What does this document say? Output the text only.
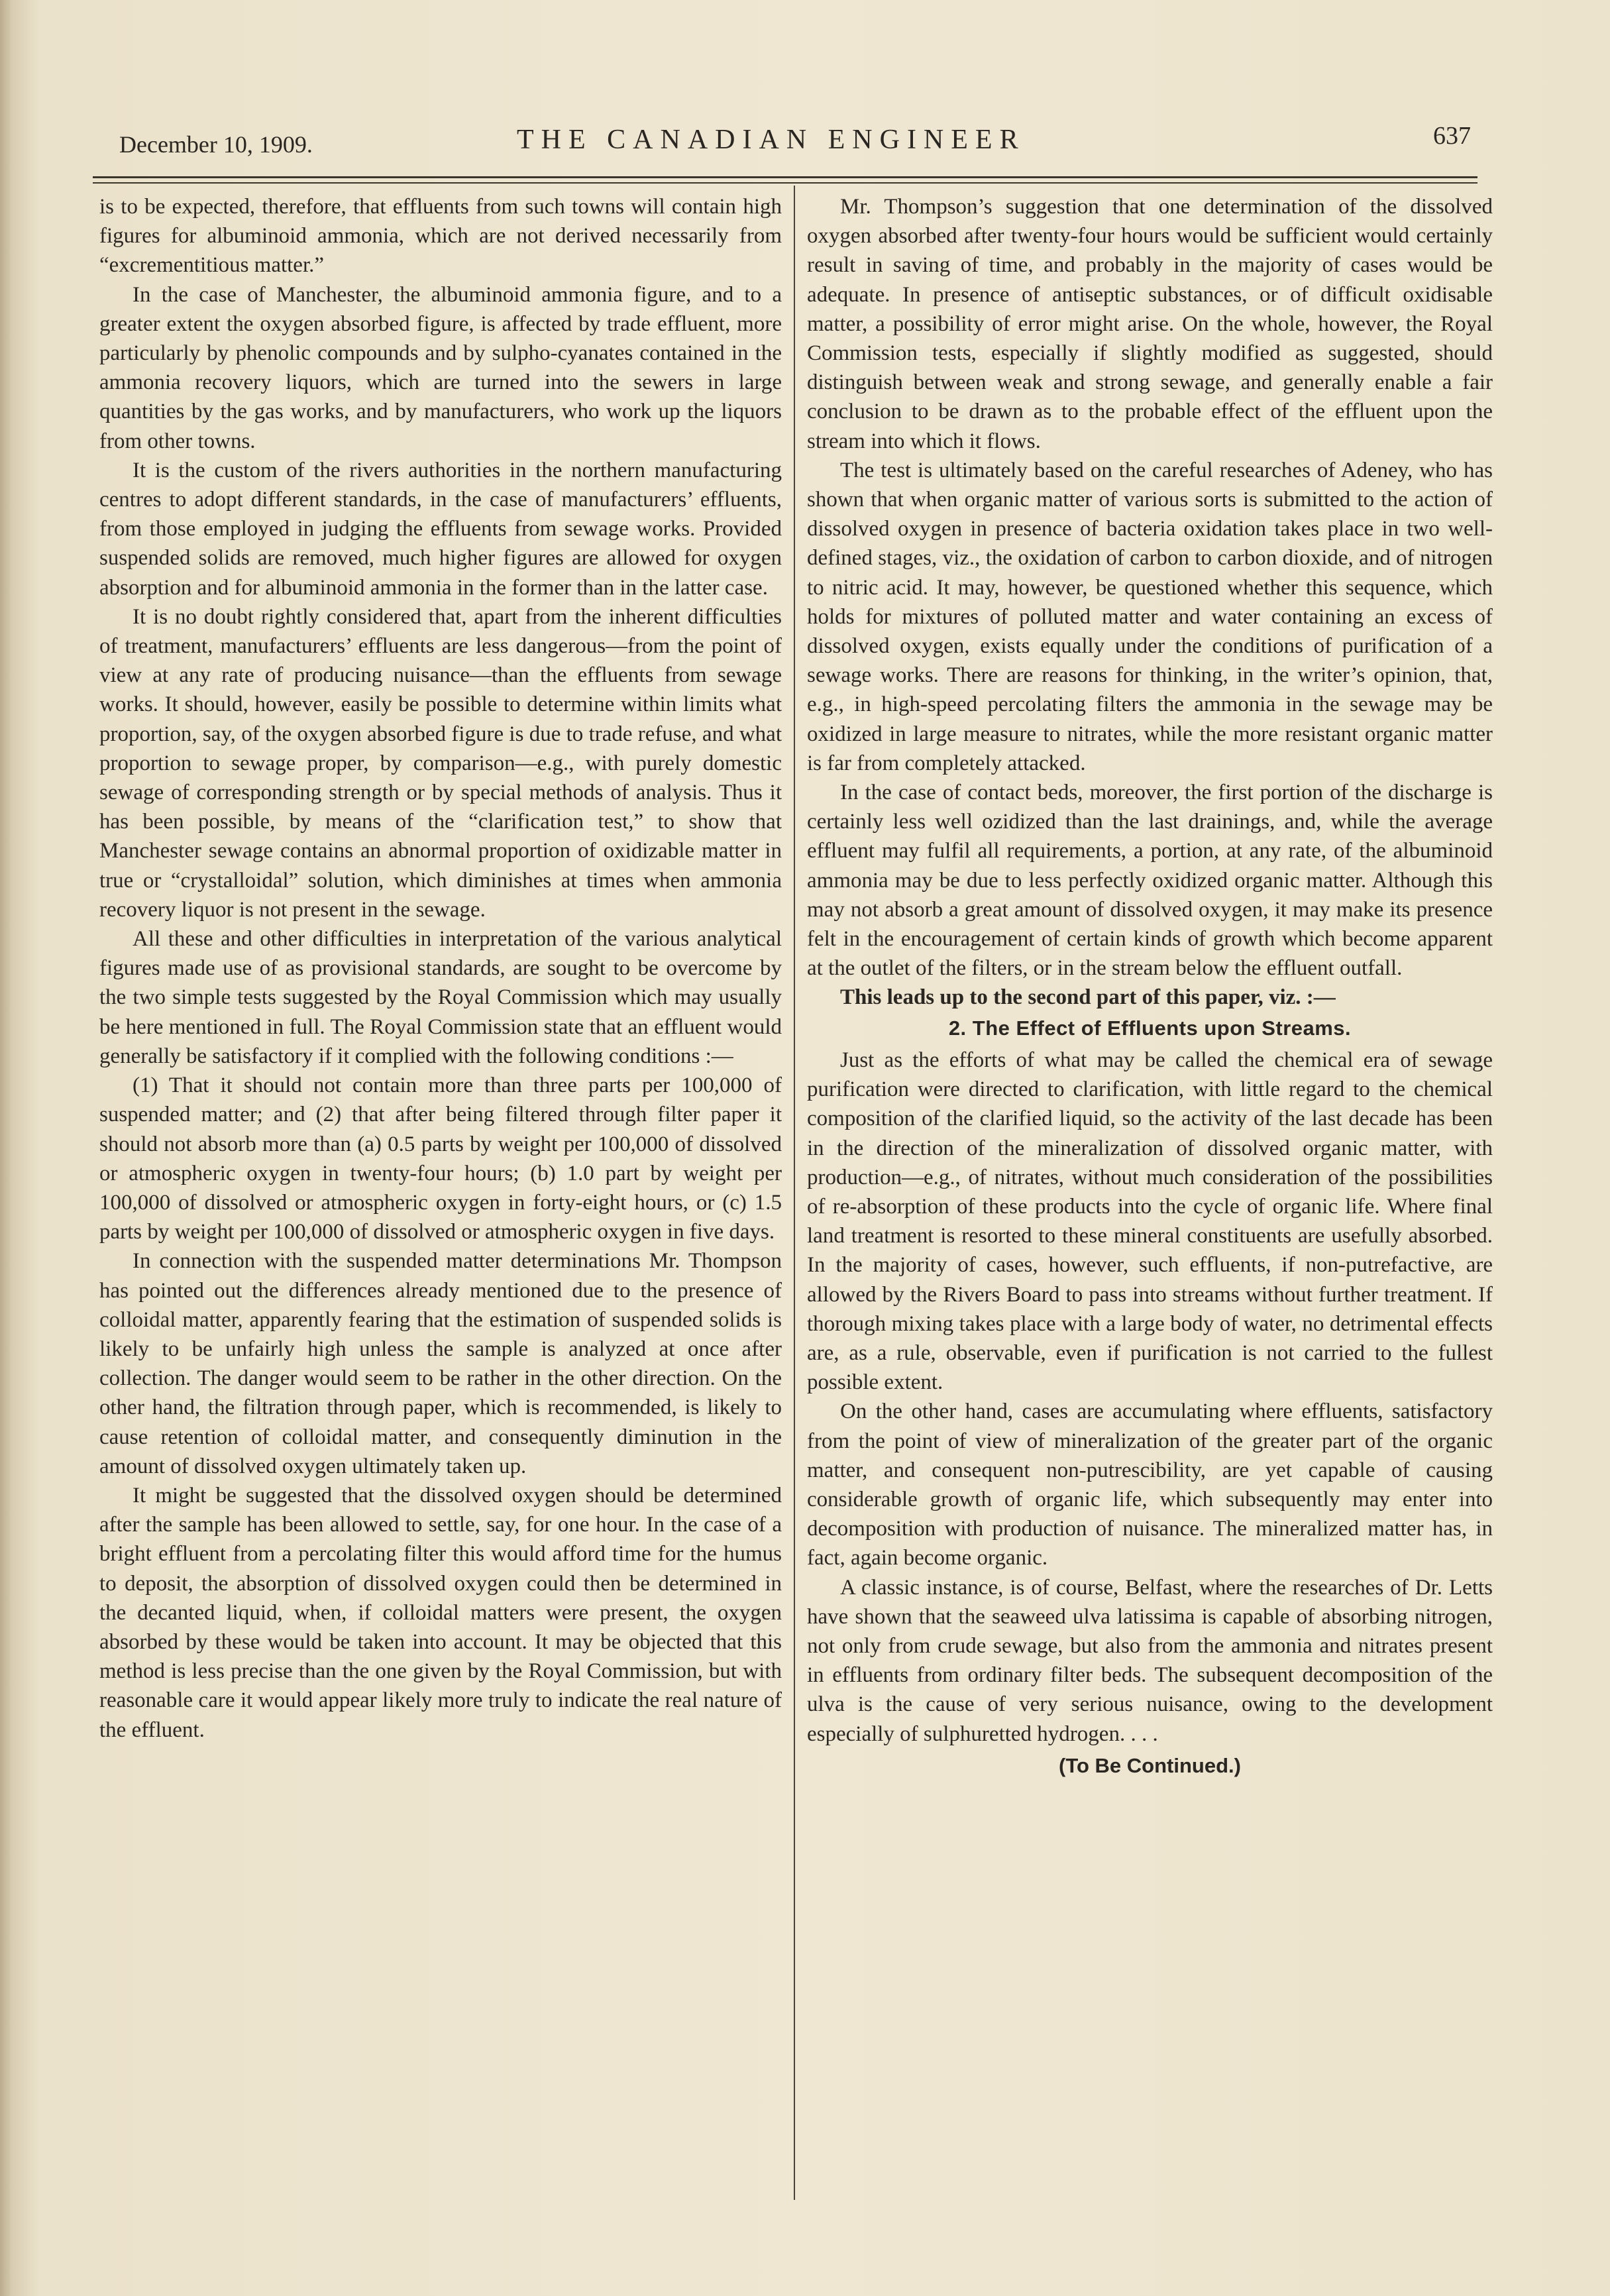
December 10, 1909.	THE CANADIAN ENGINEER	637

is to be expected, therefore, that effluents from such towns will contain high figures for albuminoid ammonia, which are not derived necessarily from “excrementitious matter.”

In the case of Manchester, the albuminoid ammonia figure, and to a greater extent the oxygen absorbed figure, is affected by trade effluent, more particularly by phenolic compounds and by sulpho-cyanates contained in the ammonia recovery liquors, which are turned into the sewers in large quantities by the gas works, and by manufacturers, who work up the liquors from other towns.

It is the custom of the rivers authorities in the northern manufacturing centres to adopt different standards, in the case of manufacturers’ effluents, from those employed in judging the effluents from sewage works. Provided suspended solids are removed, much higher figures are allowed for oxygen absorption and for albuminoid ammonia in the former than in the latter case.

It is no doubt rightly considered that, apart from the inherent difficulties of treatment, manufacturers’ effluents are less dangerous—from the point of view at any rate of producing nuisance—than the effluents from sewage works. It should, however, easily be possible to determine within limits what proportion, say, of the oxygen absorbed figure is due to trade refuse, and what proportion to sewage proper, by comparison—e.g., with purely domestic sewage of corresponding strength or by special methods of analysis. Thus it has been possible, by means of the “clarification test,” to show that Manchester sewage contains an abnormal proportion of oxidizable matter in true or “crystalloidal” solution, which diminishes at times when ammonia recovery liquor is not present in the sewage.

All these and other difficulties in interpretation of the various analytical figures made use of as provisional standards, are sought to be overcome by the two simple tests suggested by the Royal Commission which may usually be here mentioned in full. The Royal Commission state that an effluent would generally be satisfactory if it complied with the following conditions :—

(1) That it should not contain more than three parts per 100,000 of suspended matter; and (2) that after being filtered through filter paper it should not absorb more than (a) 0.5 parts by weight per 100,000 of dissolved or atmospheric oxygen in twenty-four hours; (b) 1.0 part by weight per 100,000 of dissolved or atmospheric oxygen in forty-eight hours, or (c) 1.5 parts by weight per 100,000 of dissolved or atmospheric oxygen in five days.

In connection with the suspended matter determinations Mr. Thompson has pointed out the differences already mentioned due to the presence of colloidal matter, apparently fearing that the estimation of suspended solids is likely to be unfairly high unless the sample is analyzed at once after collection. The danger would seem to be rather in the other direction. On the other hand, the filtration through paper, which is recommended, is likely to cause retention of colloidal matter, and consequently diminution in the amount of dissolved oxygen ultimately taken up.

It might be suggested that the dissolved oxygen should be determined after the sample has been allowed to settle, say, for one hour. In the case of a bright effluent from a percolating filter this would afford time for the humus to deposit, the absorption of dissolved oxygen could then be determined in the decanted liquid, when, if colloidal matters were present, the oxygen absorbed by these would be taken into account. It may be objected that this method is less precise than the one given by the Royal Commission, but with reasonable care it would appear likely more truly to indicate the real nature of the effluent.

Mr. Thompson’s suggestion that one determination of the dissolved oxygen absorbed after twenty-four hours would be sufficient would certainly result in saving of time, and probably in the majority of cases would be adequate. In presence of antiseptic substances, or of difficult oxidisable matter, a possibility of error might arise. On the whole, however, the Royal Commission tests, especially if slightly modified as suggested, should distinguish between weak and strong sewage, and generally enable a fair conclusion to be drawn as to the probable effect of the effluent upon the stream into which it flows.

The test is ultimately based on the careful researches of Adeney, who has shown that when organic matter of various sorts is submitted to the action of dissolved oxygen in presence of bacteria oxidation takes place in two well-defined stages, viz., the oxidation of carbon to carbon dioxide, and of nitrogen to nitric acid. It may, however, be questioned whether this sequence, which holds for mixtures of polluted matter and water containing an excess of dissolved oxygen, exists equally under the conditions of purification of a sewage works. There are reasons for thinking, in the writer’s opinion, that, e.g., in high-speed percolating filters the ammonia in the sewage may be oxidized in large measure to nitrates, while the more resistant organic matter is far from completely attacked.

In the case of contact beds, moreover, the first portion of the discharge is certainly less well ozidized than the last drainings, and, while the average effluent may fulfil all requirements, a portion, at any rate, of the albuminoid ammonia may be due to less perfectly oxidized organic matter. Although this may not absorb a great amount of dissolved oxygen, it may make its presence felt in the encouragement of certain kinds of growth which become apparent at the outlet of the filters, or in the stream below the effluent outfall.

This leads up to the second part of this paper, viz. :—

2. The Effect of Effluents upon Streams.

Just as the efforts of what may be called the chemical era of sewage purification were directed to clarification, with little regard to the chemical composition of the clarified liquid, so the activity of the last decade has been in the direction of the mineralization of dissolved organic matter, with production—e.g., of nitrates, without much consideration of the possibilities of re-absorption of these products into the cycle of organic life. Where final land treatment is resorted to these mineral constituents are usefully absorbed. In the majority of cases, however, such effluents, if non-putrefactive, are allowed by the Rivers Board to pass into streams without further treatment. If thorough mixing takes place with a large body of water, no detrimental effects are, as a rule, observable, even if purification is not carried to the fullest possible extent.

On the other hand, cases are accumulating where effluents, satisfactory from the point of view of mineralization of the greater part of the organic matter, and consequent non-putrescibility, are yet capable of causing considerable growth of organic life, which subsequently may enter into decomposition with production of nuisance. The mineralized matter has, in fact, again become organic.

A classic instance, is of course, Belfast, where the researches of Dr. Letts have shown that the seaweed ulva latissima is capable of absorbing nitrogen, not only from crude sewage, but also from the ammonia and nitrates present in effluents from ordinary filter beds. The subsequent decomposition of the ulva is the cause of very serious nuisance, owing to the development especially of sulphuretted hydrogen. . . .

(To Be Continued.)
